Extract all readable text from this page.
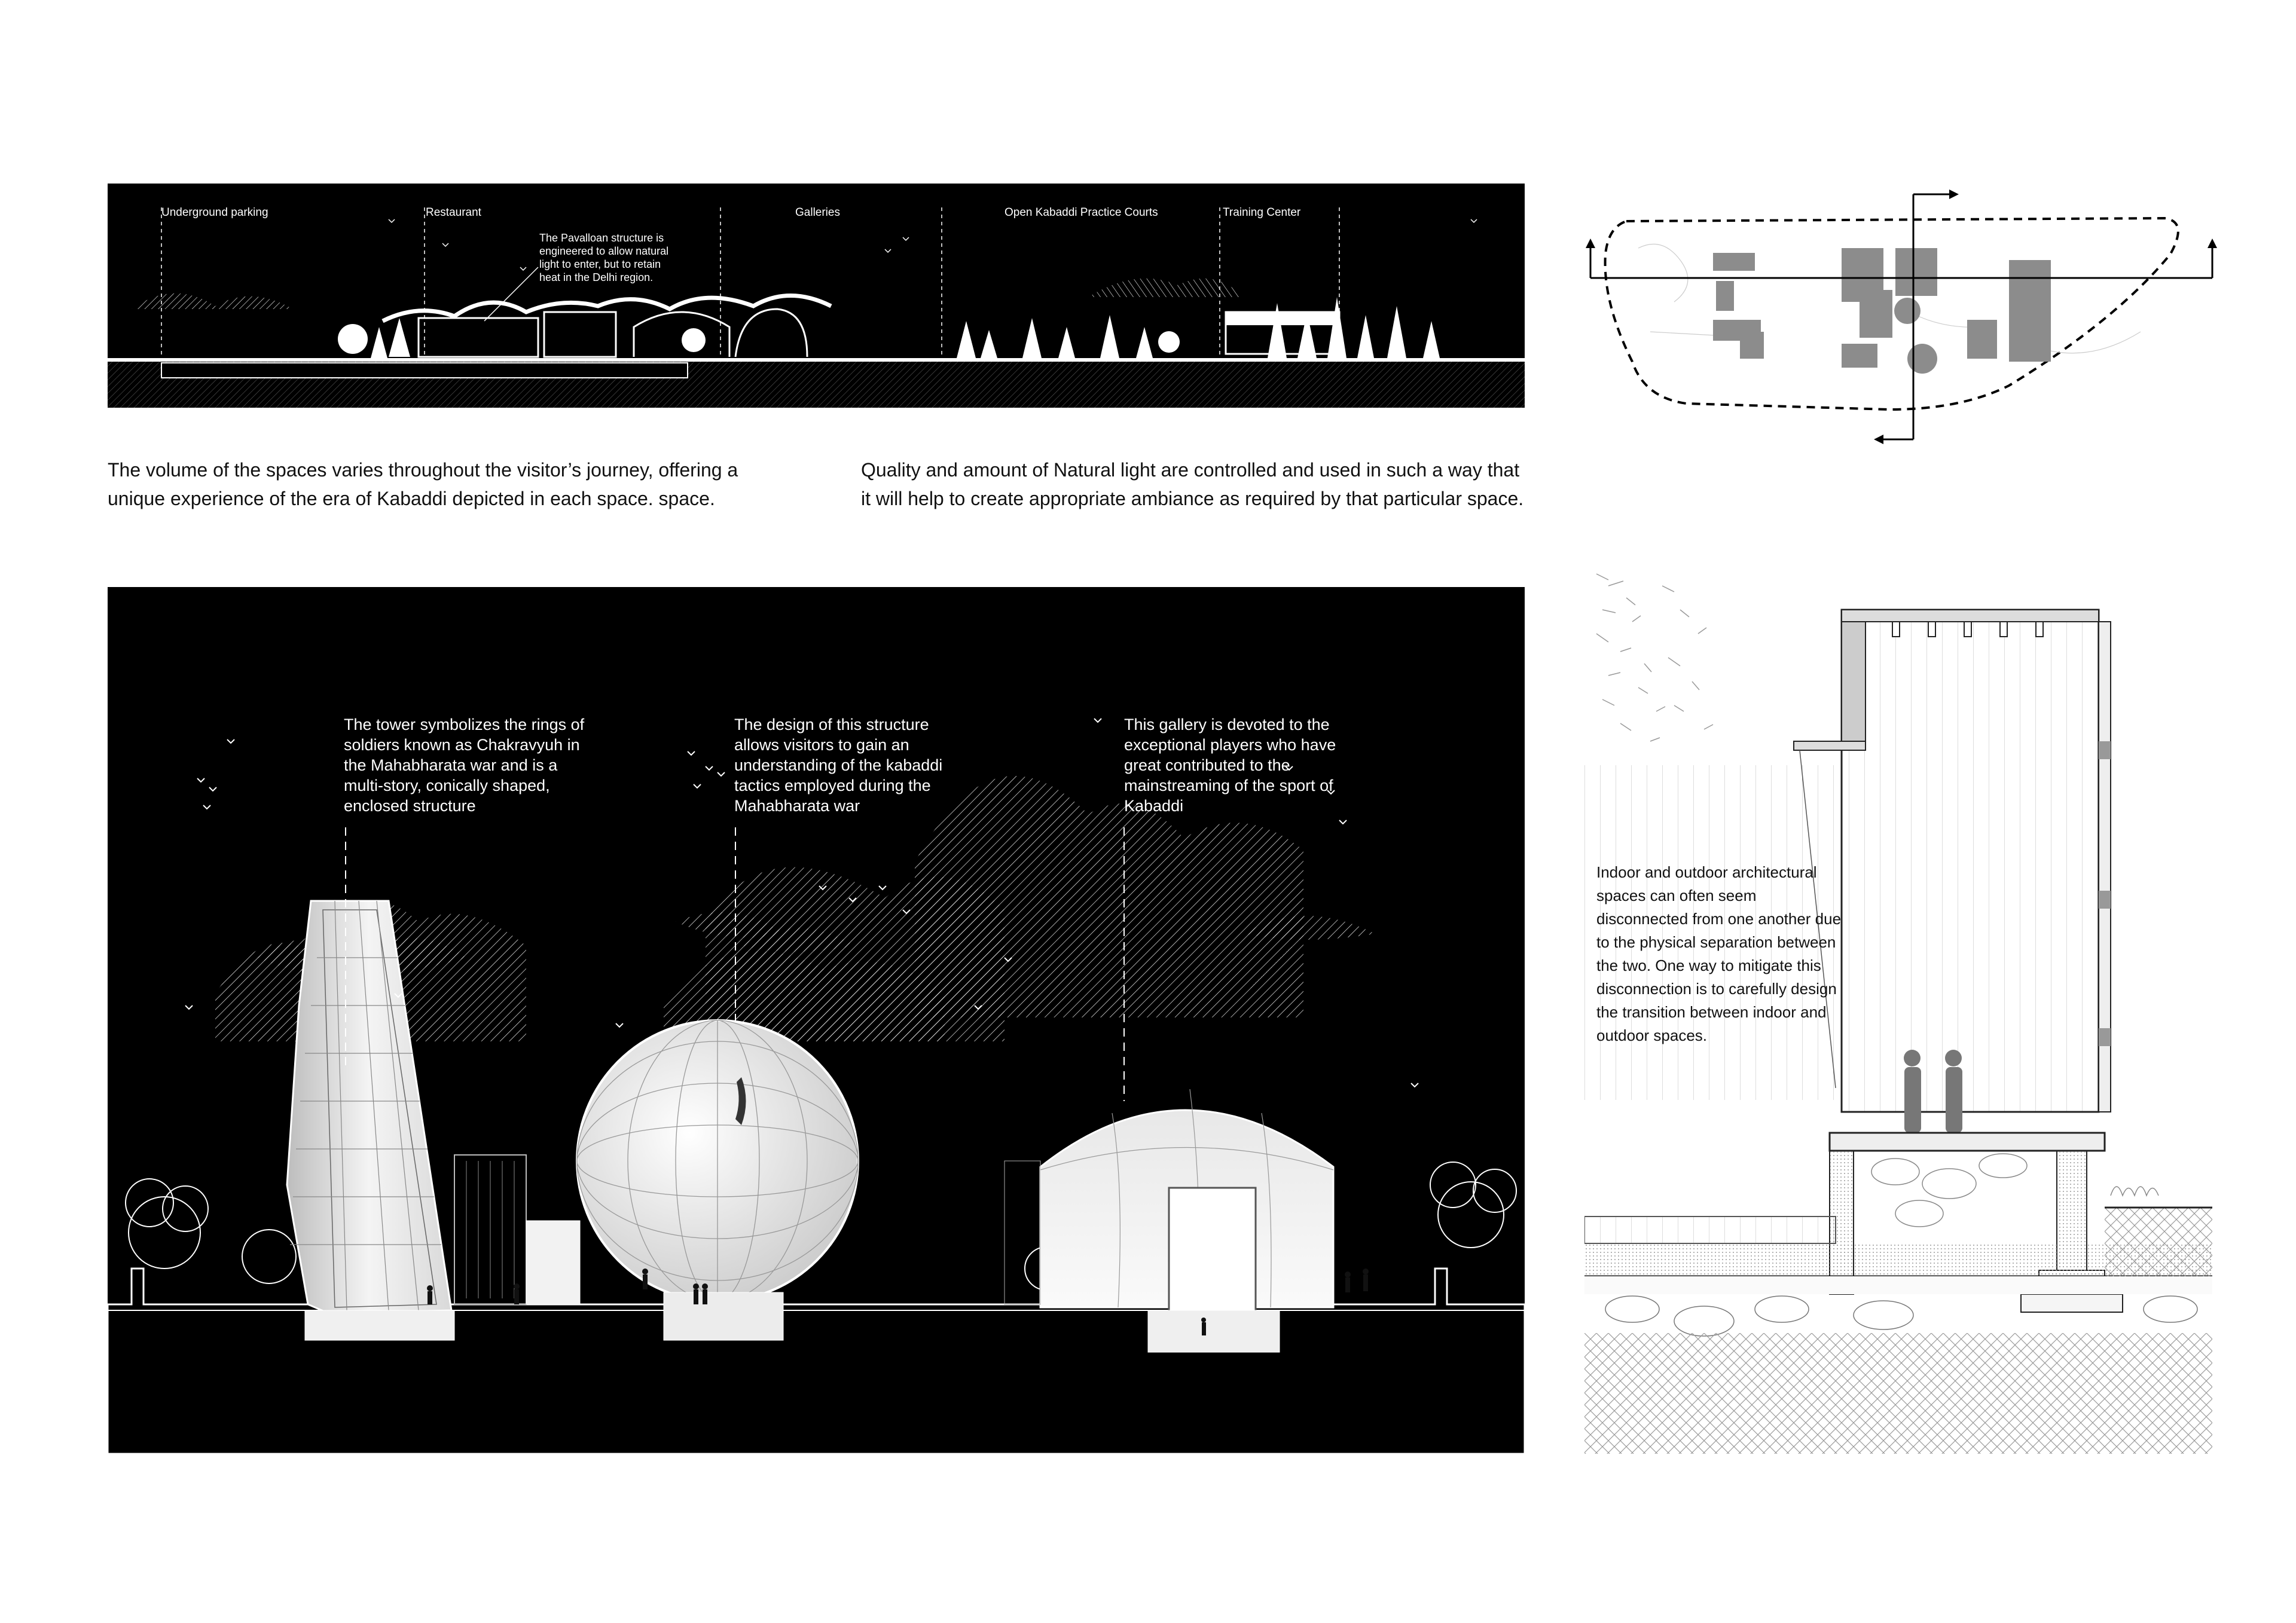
Underground parking	Restaurant	Galleries	Open Kabaddi Practice Courts	Training Center
The Pavalloan structure is engineered to allow natural light to enter, but to retain heat in the Delhi region.
The volume of the spaces varies throughout the visitor’s journey, offering a unique experience of the era of Kabaddi depicted in each space. space.
Quality and amount of Natural light are controlled and used in such a way that it will help to create appropriate ambiance as required by that particular space.
The tower symbolizes the rings of soldiers known as Chakravyuh in the Mahabharata war and is a multi-story, conically shaped, enclosed structure
The design of this structure allows visitors to gain an understanding of the kabaddi tactics employed during the Mahabharata war
This gallery is devoted to the exceptional players who have great contributed to the mainstreaming of the sport of Kabaddi
Indoor and outdoor architectural spaces can often seem disconnected from one another due to the physical separation between the two. One way to mitigate this disconnection is to carefully design the transition between indoor and outdoor spaces.
